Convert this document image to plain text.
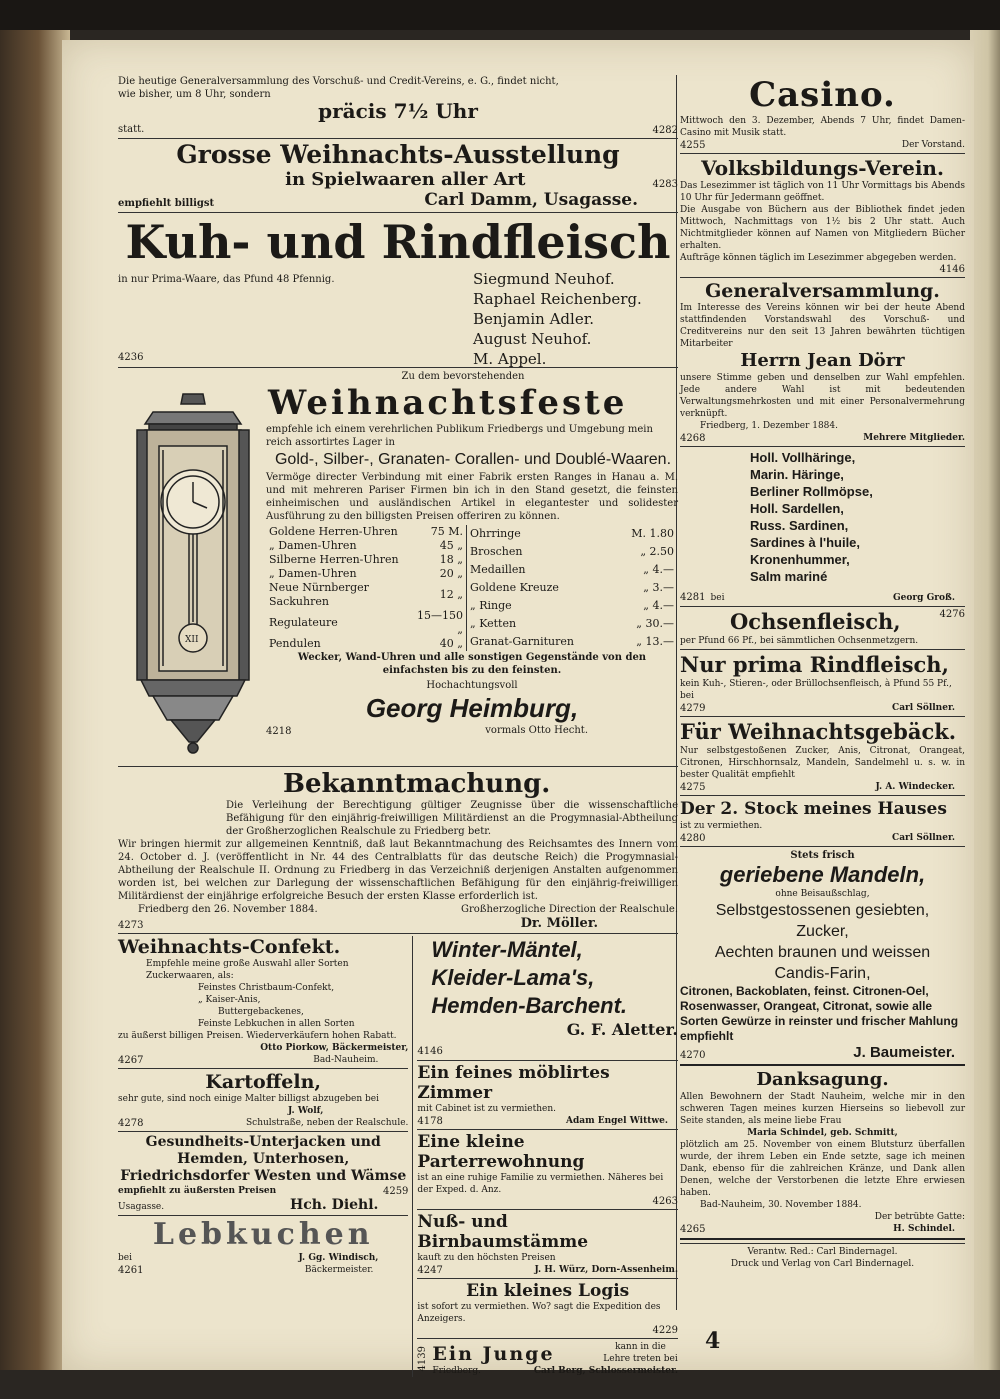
Die heutige Generalversammlung des Vorschuß- und Credit-Vereins, e. G., findet nicht,

wie bisher, um 8 Uhr, sondern

präcis 7½ Uhr

statt.	4282

Grosse Weihnachts-Ausstellung

in Spielwaaren aller Art	4283
empfiehlt billigst	Carl Damm, Usagasse.

Kuh- und Rindfleisch

in nur Prima-Waare, das Pfund 48 Pfennig.	Siegmund Neuhof.
Raphael Reichenberg.
Benjamin Adler.
August Neuhof.
M. Appel.
4236
XII

Zu dem bevorstehenden

Weihnachtsfeste

empfehle ich einem verehrlichen Publikum Friedbergs und Umgebung mein reich assortirtes Lager in

Gold-, Silber-, Granaten- Corallen- und Doublé-Waaren.

Vermöge directer Verbindung mit einer Fabrik ersten Ranges in Hanau a. M. und mit mehreren Pariser Firmen bin ich in den Stand gesetzt, die feinsten einheimischen und ausländischen Artikel in elegantester und solidester Ausführung zu den billigsten Preisen offeriren zu können.

Goldene Herren-Uhren	75 M.
„ Damen-Uhren	45 „
Silberne Herren-Uhren	18 „
„ Damen-Uhren	20 „
Neue Nürnberger Sackuhren	12 „
Regulateure	15—150 „
Pendulen	40 „
Ohrringe	M. 1.80
Broschen	„ 2.50
Medaillen	„ 4.—
Goldene Kreuze	„ 3.—
„ Ringe	„ 4.—
„ Ketten	„ 30.—
Granat-Garnituren	„ 13.—

Wecker, Wand-Uhren und alle sonstigen Gegenstände von den einfachsten bis zu den feinsten.

Hochachtungsvoll

Georg Heimburg,

4218	vormals Otto Hecht.

Bekanntmachung.

Die Verleihung der Berechtigung gültiger Zeugnisse über die wissenschaftliche Befähigung für den einjährig-freiwilligen Militärdienst an die Progymnasial-Abtheilung der Großherzoglichen Realschule zu Friedberg betr.

Wir bringen hiermit zur allgemeinen Kenntniß, daß laut Bekanntmachung des Reichsamtes des Innern vom 24. October d. J. (veröffentlicht in Nr. 44 des Centralblatts für das deutsche Reich) die Progymnasial-Abtheilung der Realschule II. Ordnung zu Friedberg in das Verzeichniß derjenigen Anstalten aufgenommen worden ist, bei welchen zur Darlegung der wissenschaftlichen Befähigung für den einjährig-freiwilligen Militärdienst der einjährige erfolgreiche Besuch der ersten Klasse erforderlich ist.

Friedberg den 26. November 1884.	Großherzogliche Direction der Realschule.
4273	Dr. Möller.

Weihnachts-Confekt.

Empfehle meine große Auswahl aller Sorten Zuckerwaaren, als:

Feinstes Christbaum-Confekt,

„ Kaiser-Anis,

Buttergebackenes,

Feinste Lebkuchen in allen Sorten

zu äußerst billigen Preisen. Wiederverkäufern hohen Rabatt.

Otto Piorkow, Bäckermeister,
4267	Bad-Nauheim.

Kartoffeln,

sehr gute, sind noch einige Malter billigst abzugeben bei

J. Wolf,

4278	Schulstraße, neben der Realschule.

Gesundheits-Unterjacken und Hemden, Unterhosen, Friedrichsdorfer Westen und Wämse

empfiehlt zu äußersten Preisen	4259
Usagasse.	Hch. Diehl.

Lebkuchen

bei	J. Gg. Windisch,
4261	Bäckermeister.

Winter-Mäntel,

Kleider-Lama's,

Hemden-Barchent.

G. F. Aletter.
4146

Ein feines möblirtes Zimmer

mit Cabinet ist zu vermiethen.

4178	Adam Engel Wittwe.

Eine kleine Parterrewohnung

ist an eine ruhige Familie zu vermiethen. Näheres bei der Exped. d. Anz.

4263

Nuß- und Birnbaumstämme

kauft zu den höchsten Preisen

4247	J. H. Würz, Dorn-Assenheim.

Ein kleines Logis

ist sofort zu vermiethen. Wo? sagt die Expedition des Anzeigers.

4229
4139 Ein Junge	kann in die Lehre treten bei
Friedberg.	Carl Berg, Schlossermeister.

Casino.

Mittwoch den 3. Dezember, Abends 7 Uhr, findet Damen-Casino mit Musik statt.

4255	Der Vorstand.

Volksbildungs-Verein.

Das Lesezimmer ist täglich von 11 Uhr Vormittags bis Abends 10 Uhr für Jedermann geöffnet.

Die Ausgabe von Büchern aus der Bibliothek findet jeden Mittwoch, Nachmittags von 1½ bis 2 Uhr statt. Auch Nichtmitglieder können auf Namen von Mitgliedern Bücher erhalten.

Aufträge können täglich im Lesezimmer abgegeben werden.

4146

Generalversammlung.

Im Interesse des Vereins können wir bei der heute Abend stattfindenden Vorstandswahl des Vorschuß- und Creditvereins nur den seit 13 Jahren bewährten tüchtigen Mitarbeiter

Herrn Jean Dörr

unsere Stimme geben und denselben zur Wahl empfehlen. Jede andere Wahl ist mit bedeutenden Verwaltungsmehrkosten und mit einer Personalvermehrung verknüpft.

Friedberg, 1. Dezember 1884.

4268	Mehrere Mitglieder.
Holl. Vollhäringe,
Marin. Häringe,
Berliner Rollmöpse,
Holl. Sardellen,
Russ. Sardinen,
Sardines à l'huile,
Kronenhummer,
Salm mariné
4281 bei	Georg Groß.
Ochsenfleisch,	4276

per Pfund 66 Pf., bei sämmtlichen Ochsenmetzgern.

Nur prima Rindfleisch,

kein Kuh-, Stieren-, oder Brüllochsenfleisch, à Pfund 55 Pf., bei

4279	Carl Söllner.

Für Weihnachtsgebäck.

Nur selbstgestoßenen Zucker, Anis, Citronat, Orangeat, Citronen, Hirschhornsalz, Mandeln, Sandelmehl u. s. w. in bester Qualität empfiehlt

4275	J. A. Windecker.

Der 2. Stock meines Hauses

ist zu vermiethen.

4280	Carl Söllner.

Stets frisch

geriebene Mandeln,

ohne Beisaußschlag,

Selbstgestossenen gesiebten,

Zucker,

Aechten braunen und weissen

Candis-Farin,

Citronen, Backoblaten, feinst. Citronen-Oel, Rosenwasser, Orangeat, Citronat, sowie alle Sorten Gewürze in reinster und frischer Mahlung empfiehlt

4270	J. Baumeister.

Danksagung.

Allen Bewohnern der Stadt Nauheim, welche mir in den schweren Tagen meines kurzen Hierseins so liebevoll zur Seite standen, als meine liebe Frau

Maria Schindel, geb. Schmitt,

plötzlich am 25. November von einem Blutsturz überfallen wurde, der ihrem Leben ein Ende setzte, sage ich meinen Dank, ebenso für die zahlreichen Kränze, und Dank allen Denen, welche der Verstorbenen die letzte Ehre erwiesen haben.

Bad-Nauheim, 30. November 1884.

Der betrübte Gatte:
4265	H. Schindel.

Verantw. Red.: Carl Bindernagel.

Druck und Verlag von Carl Bindernagel.

4
